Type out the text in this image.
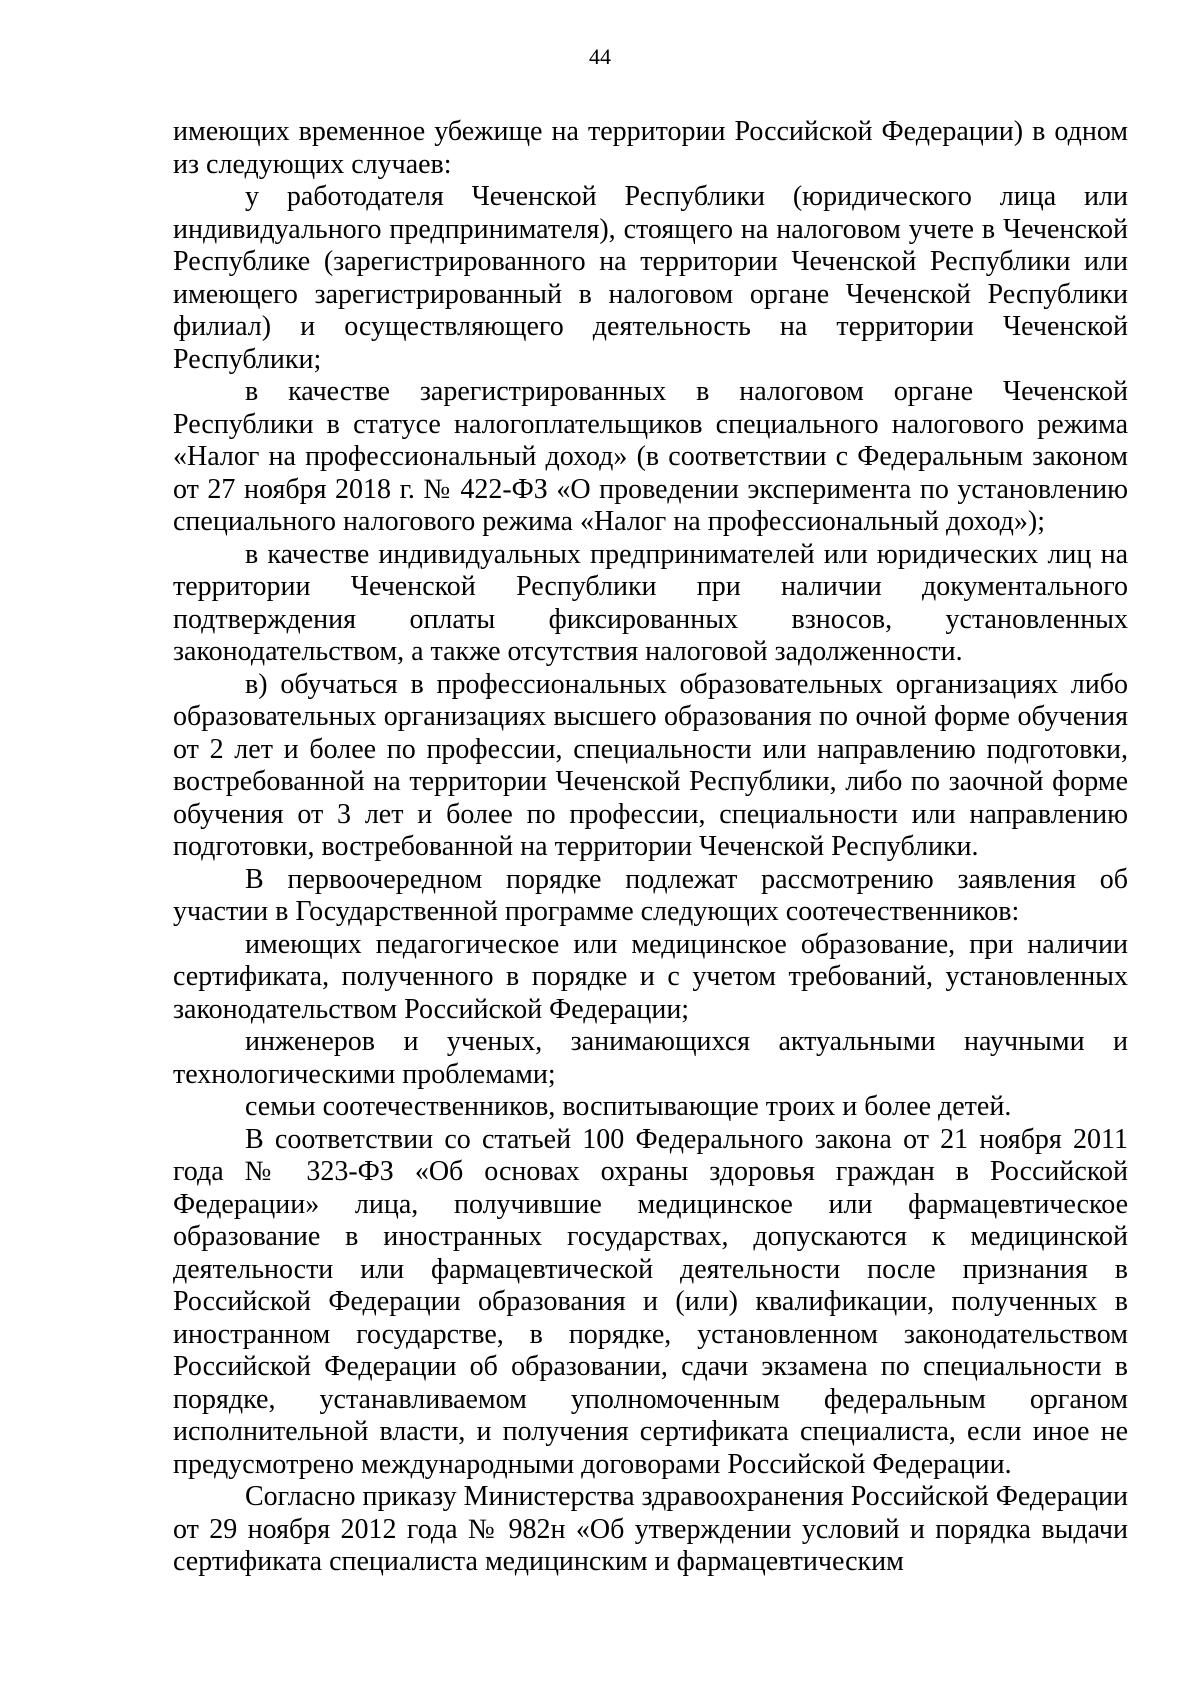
44

имеющих временное убежище на территории Российской Федерации) в одном из следующих случаев:

у работодателя Чеченской Республики (юридического лица или индивидуального предпринимателя), стоящего на налоговом учете в Чеченской Республике (зарегистрированного на территории Чеченской Республики или имеющего зарегистрированный в налоговом органе Чеченской Республики филиал) и осуществляющего деятельность на территории Чеченской Республики;

в качестве зарегистрированных в налоговом органе Чеченской Республики в статусе налогоплательщиков специального налогового режима «Налог на профессиональный доход» (в соответствии с Федеральным законом от 27 ноября 2018 г. № 422-ФЗ «О проведении эксперимента по установлению специального налогового режима «Налог на профессиональный доход»);

в качестве индивидуальных предпринимателей или юридических лиц на территории Чеченской Республики при наличии документального подтверждения оплаты фиксированных взносов, установленных законодательством, а также отсутствия налоговой задолженности.

в) обучаться в профессиональных образовательных организациях либо образовательных организациях высшего образования по очной форме обучения от 2 лет и более по профессии, специальности или направлению подготовки, востребованной на территории Чеченской Республики, либо по заочной форме обучения от 3 лет и более по профессии, специальности или направлению подготовки, востребованной на территории Чеченской Республики.

В первоочередном порядке подлежат рассмотрению заявления об участии в Государственной программе следующих соотечественников:

имеющих педагогическое или медицинское образование, при наличии сертификата, полученного в порядке и с учетом требований, установленных законодательством Российской Федерации;

инженеров и ученых, занимающихся актуальными научными и технологическими проблемами;

семьи соотечественников, воспитывающие троих и более детей.

В соответствии со статьей 100 Федерального закона от 21 ноября 2011 года № 323-ФЗ «Об основах охраны здоровья граждан в Российской Федерации» лица, получившие медицинское или фармацевтическое образование в иностранных государствах, допускаются к медицинской деятельности или фармацевтической деятельности после признания в Российской Федерации образования и (или) квалификации, полученных в иностранном государстве, в порядке, установленном законодательством Российской Федерации об образовании, сдачи экзамена по специальности в порядке, устанавливаемом уполномоченным федеральным органом исполнительной власти, и получения сертификата специалиста, если иное не предусмотрено международными договорами Российской Федерации.

Согласно приказу Министерства здравоохранения Российской Федерации от 29 ноября 2012 года № 982н «Об утверждении условий и порядка выдачи сертификата специалиста медицинским и фармацевтическим
